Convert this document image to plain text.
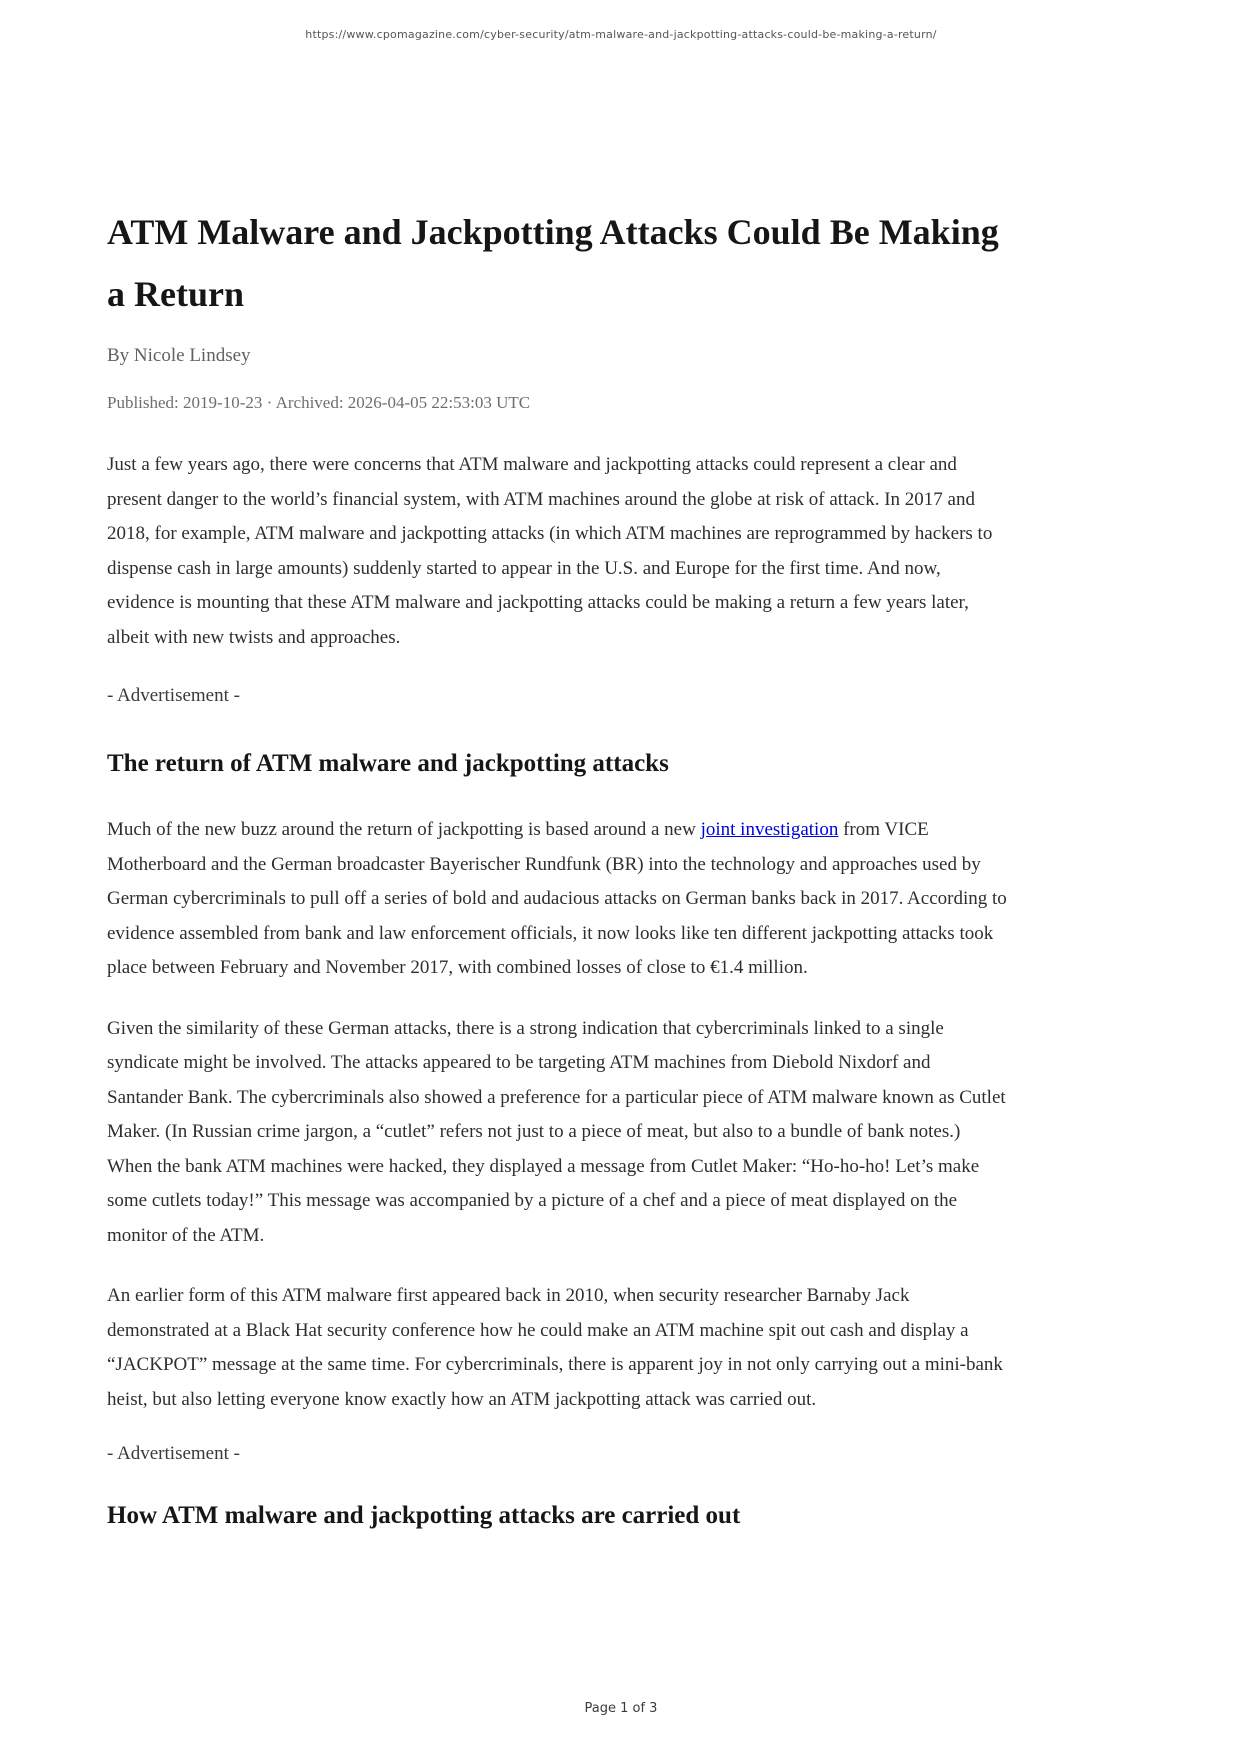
https://www.cpomagazine.com/cyber-security/atm-malware-and-jackpotting-attacks-could-be-making-a-return/
ATM Malware and Jackpotting Attacks Could Be Making a Return

By Nicole Lindsey

Published: 2019-10-23 · Archived: 2026-04-05 22:53:03 UTC

Just a few years ago, there were concerns that ATM malware and jackpotting attacks could represent a clear and present danger to the world’s financial system, with ATM machines around the globe at risk of attack. In 2017 and 2018, for example, ATM malware and jackpotting attacks (in which ATM machines are reprogrammed by hackers to dispense cash in large amounts) suddenly started to appear in the U.S. and Europe for the first time. And now, evidence is mounting that these ATM malware and jackpotting attacks could be making a return a few years later, albeit with new twists and approaches.

- Advertisement -

The return of ATM malware and jackpotting attacks

Much of the new buzz around the return of jackpotting is based around a new joint investigation from VICE Motherboard and the German broadcaster Bayerischer Rundfunk (BR) into the technology and approaches used by German cybercriminals to pull off a series of bold and audacious attacks on German banks back in 2017. According to evidence assembled from bank and law enforcement officials, it now looks like ten different jackpotting attacks took place between February and November 2017, with combined losses of close to €1.4 million.

Given the similarity of these German attacks, there is a strong indication that cybercriminals linked to a single syndicate might be involved. The attacks appeared to be targeting ATM machines from Diebold Nixdorf and Santander Bank. The cybercriminals also showed a preference for a particular piece of ATM malware known as Cutlet Maker. (In Russian crime jargon, a “cutlet” refers not just to a piece of meat, but also to a bundle of bank notes.) When the bank ATM machines were hacked, they displayed a message from Cutlet Maker: “Ho-ho-ho! Let’s make some cutlets today!” This message was accompanied by a picture of a chef and a piece of meat displayed on the monitor of the ATM.

An earlier form of this ATM malware first appeared back in 2010, when security researcher Barnaby Jack demonstrated at a Black Hat security conference how he could make an ATM machine spit out cash and display a “JACKPOT” message at the same time. For cybercriminals, there is apparent joy in not only carrying out a mini-bank heist, but also letting everyone know exactly how an ATM jackpotting attack was carried out.

- Advertisement -

How ATM malware and jackpotting attacks are carried out
Page 1 of 3
